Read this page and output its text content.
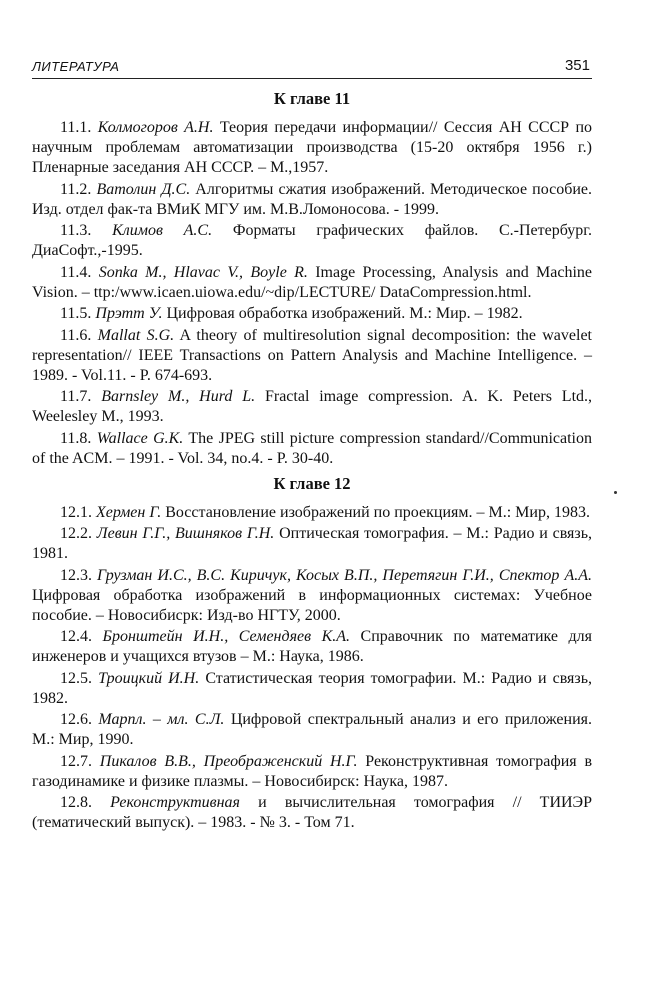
ЛИТЕРАТУРА	351
К главе 11

11.1. Колмогоров А.Н. Теория передачи информации// Сессия АН СССР по научным проблемам автоматизации производства (15-20 октября 1956 г.) Пленарные заседания АН СССР. – М.,1957.

11.2. Ватолин Д.С. Алгоритмы сжатия изображений. Методическое пособие. Изд. отдел фак-та ВМиК МГУ им. М.В.Ломоносова. - 1999.

11.3. Климов А.С. Форматы графических файлов. С.-Петербург. ДиаСофт.,-1995.

11.4. Sonka M., Hlavac V., Boyle R. Image Processing, Analysis and Machine Vision. – ttp:/www.icaen.uiowa.edu/~dip/LECTURE/ DataCompression.html.

11.5. Прэтт У. Цифровая обработка изображений. М.: Мир. – 1982.

11.6. Mallat S.G. A theory of multiresolution signal decomposition: the wavelet representation// IEEE Transactions on Pattern Analysis and Machine Intelligence. – 1989. - Vol.11. - P. 674-693.

11.7. Barnsley M., Hurd L. Fractal image compression. A. K. Peters Ltd., Weelesley M., 1993.

11.8. Wallace G.K. The JPEG still picture compression standard//Communication of the ACM. – 1991. - Vol. 34, no.4. - P. 30-40.

К главе 12

12.1. Хермен Г. Восстановление изображений по проекциям. – М.: Мир, 1983.

12.2. Левин Г.Г., Вишняков Г.Н. Оптическая томография. – М.: Радио и связь, 1981.

12.3. Грузман И.С., В.С. Киричук, Косых В.П., Перетягин Г.И., Спектор А.А. Цифровая обработка изображений в информационных системах: Учебное пособие. – Новосибисрк: Изд-во НГТУ, 2000.

12.4. Бронштейн И.Н., Семендяев К.А. Справочник по математике для инженеров и учащихся втузов – М.: Наука, 1986.

12.5. Троицкий И.Н. Статистическая теория томографии. М.: Радио и связь, 1982.

12.6. Марпл. – мл. С.Л. Цифровой спектральный анализ и его приложения. М.: Мир, 1990.

12.7. Пикалов В.В., Преображенский Н.Г. Реконструктивная томография в газодинамике и физике плазмы. – Новосибирск: Наука, 1987.

12.8. Реконструктивная и вычислительная томография // ТИИЭР (тематический выпуск). – 1983. - № 3. - Том 71.
